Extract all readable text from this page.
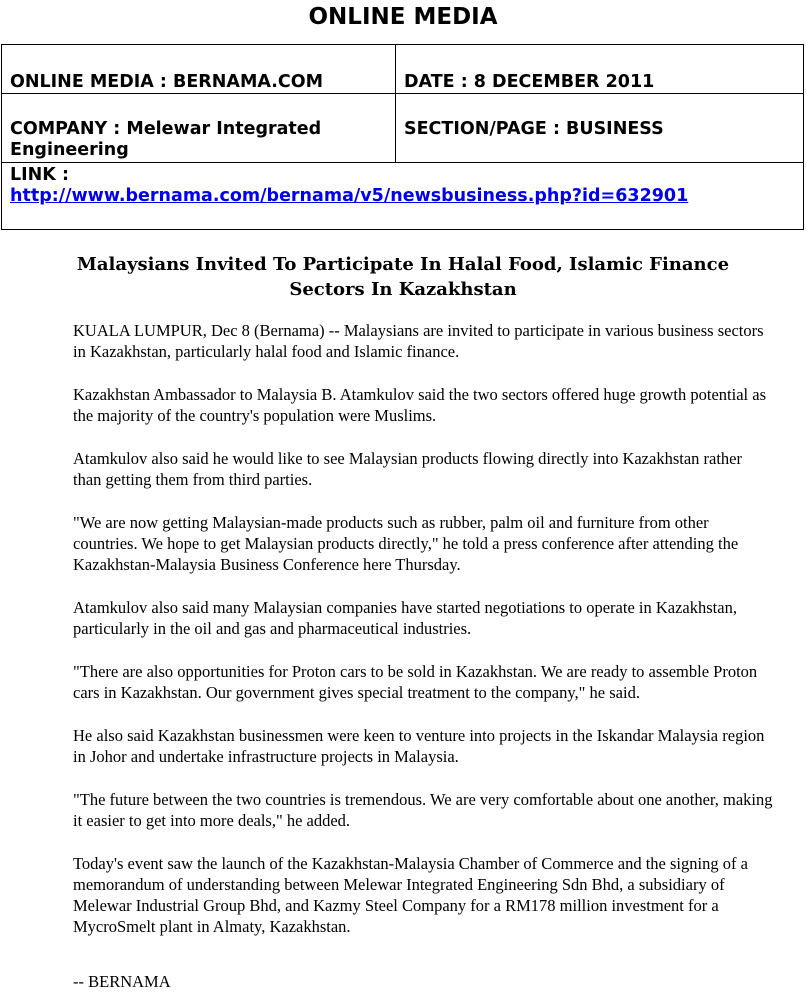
ONLINE MEDIA
ONLINE MEDIA : BERNAMA.COM	DATE : 8 DECEMBER 2011
COMPANY : Melewar Integrated Engineering
SECTION/PAGE : BUSINESS
LINK :
http://www.bernama.com/bernama/v5/newsbusiness.php?id=632901
Malaysians Invited To Participate In Halal Food, Islamic Finance Sectors In Kazakhstan

KUALA LUMPUR, Dec 8 (Bernama) -- Malaysians are invited to participate in various business sectors in Kazakhstan, particularly halal food and Islamic finance.

Kazakhstan Ambassador to Malaysia B. Atamkulov said the two sectors offered huge growth potential as the majority of the country's population were Muslims.

Atamkulov also said he would like to see Malaysian products flowing directly into Kazakhstan rather than getting them from third parties.

"We are now getting Malaysian-made products such as rubber, palm oil and furniture from other countries. We hope to get Malaysian products directly," he told a press conference after attending the Kazakhstan-Malaysia Business Conference here Thursday.

Atamkulov also said many Malaysian companies have started negotiations to operate in Kazakhstan, particularly in the oil and gas and pharmaceutical industries.

"There are also opportunities for Proton cars to be sold in Kazakhstan. We are ready to assemble Proton cars in Kazakhstan. Our government gives special treatment to the company," he said.

He also said Kazakhstan businessmen were keen to venture into projects in the Iskandar Malaysia region in Johor and undertake infrastructure projects in Malaysia.

"The future between the two countries is tremendous. We are very comfortable about one another, making it easier to get into more deals," he added.

Today's event saw the launch of the Kazakhstan-Malaysia Chamber of Commerce and the signing of a memorandum of understanding between Melewar Integrated Engineering Sdn Bhd, a subsidiary of Melewar Industrial Group Bhd, and Kazmy Steel Company for a RM178 million investment for a MycroSmelt plant in Almaty, Kazakhstan.

-- BERNAMA
